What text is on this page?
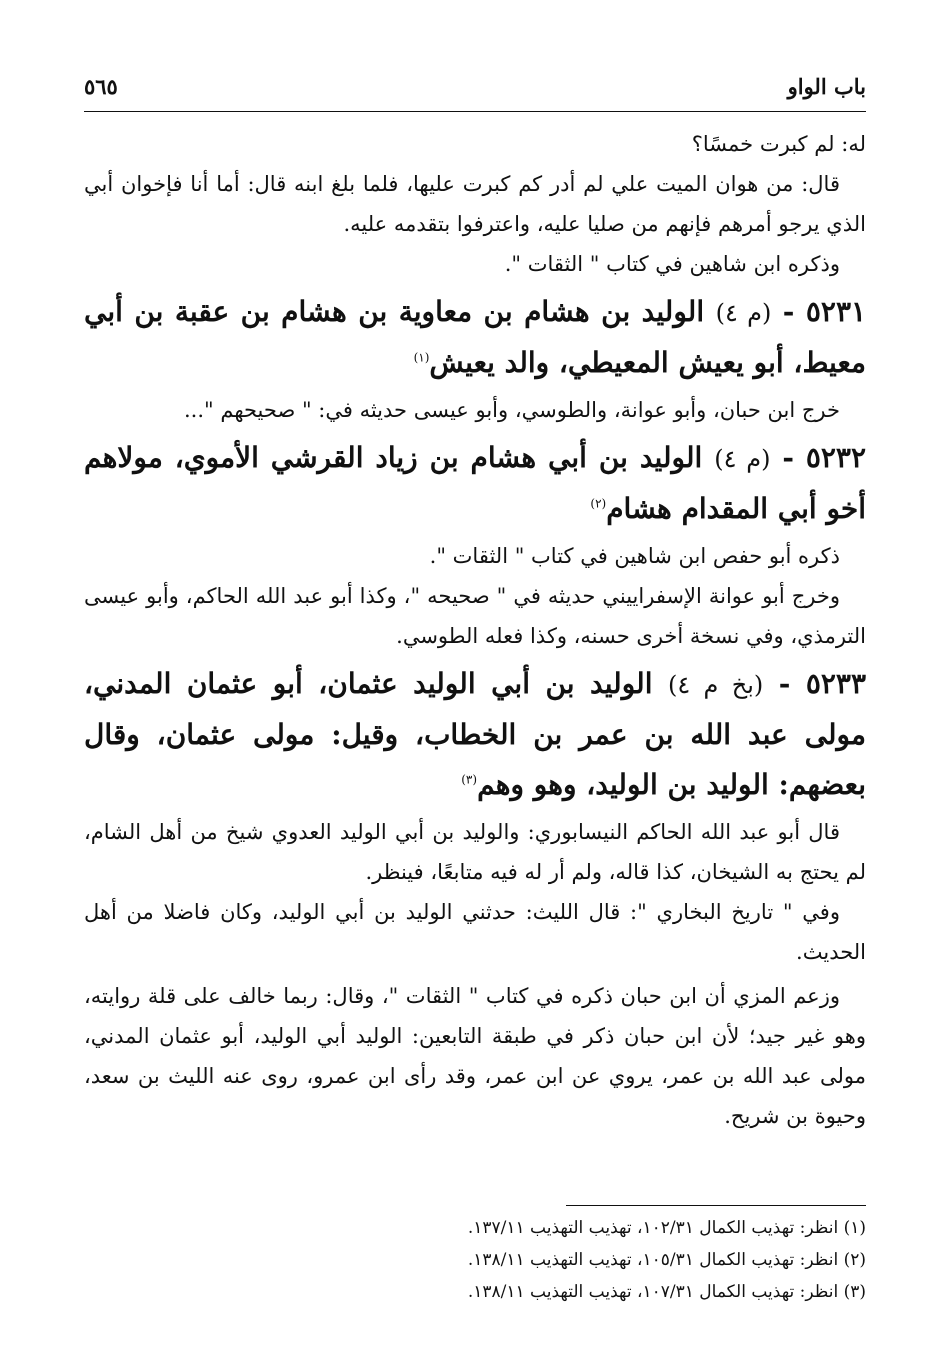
باب الواو
٥٦٥

له: لم كبرت خمسًا؟

قال: من هوان الميت علي لم أدر كم كبرت عليها، فلما بلغ ابنه قال: أما أنا فإخوان أبي الذي يرجو أمرهم فإنهم من صليا عليه، واعترفوا بتقدمه عليه.

وذكره ابن شاهين في كتاب " الثقات ".

٥٢٣١ - (م ٤) الوليد بن هشام بن معاوية بن هشام بن عقبة بن أبي معيط، أبو يعيش المعيطي، والد يعيش$^{(١)}$

خرج ابن حبان، وأبو عوانة، والطوسي، وأبو عيسى حديثه في: " صحيحهم "...

٥٢٣٢ - (م ٤) الوليد بن أبي هشام بن زياد القرشي الأموي، مولاهم أخو أبي المقدام هشام$^{(٢)}$

ذكره أبو حفص ابن شاهين في كتاب " الثقات ".

وخرج أبو عوانة الإسفراييني حديثه في " صحيحه "، وكذا أبو عبد الله الحاكم، وأبو عيسى الترمذي، وفي نسخة أخرى حسنه، وكذا فعله الطوسي.

٥٢٣٣ - (بخ م ٤) الوليد بن أبي الوليد عثمان، أبو عثمان المدني، مولى عبد الله بن عمر بن الخطاب، وقيل: مولى عثمان، وقال بعضهم: الوليد بن الوليد، وهو وهم$^{(٣)}$

قال أبو عبد الله الحاكم النيسابوري: والوليد بن أبي الوليد العدوي شيخ من أهل الشام، لم يحتج به الشيخان، كذا قاله، ولم أر له فيه متابعًا، فينظر.

وفي " تاريخ البخاري ": قال الليث: حدثني الوليد بن أبي الوليد، وكان فاضلا من أهل الحديث.

وزعم المزي أن ابن حبان ذكره في كتاب " الثقات "، وقال: ربما خالف على قلة روايته، وهو غير جيد؛ لأن ابن حبان ذكر في طبقة التابعين: الوليد أبي الوليد، أبو عثمان المدني، مولى عبد الله بن عمر، يروي عن ابن عمر، وقد رأى ابن عمرو، روى عنه الليث بن سعد، وحيوة بن شريح.

(١) انظر: تهذيب الكمال ١٠٢/٣١، تهذيب التهذيب ١٣٧/١١.

(٢) انظر: تهذيب الكمال ١٠٥/٣١، تهذيب التهذيب ١٣٨/١١.

(٣) انظر: تهذيب الكمال ١٠٧/٣١، تهذيب التهذيب ١٣٨/١١.
